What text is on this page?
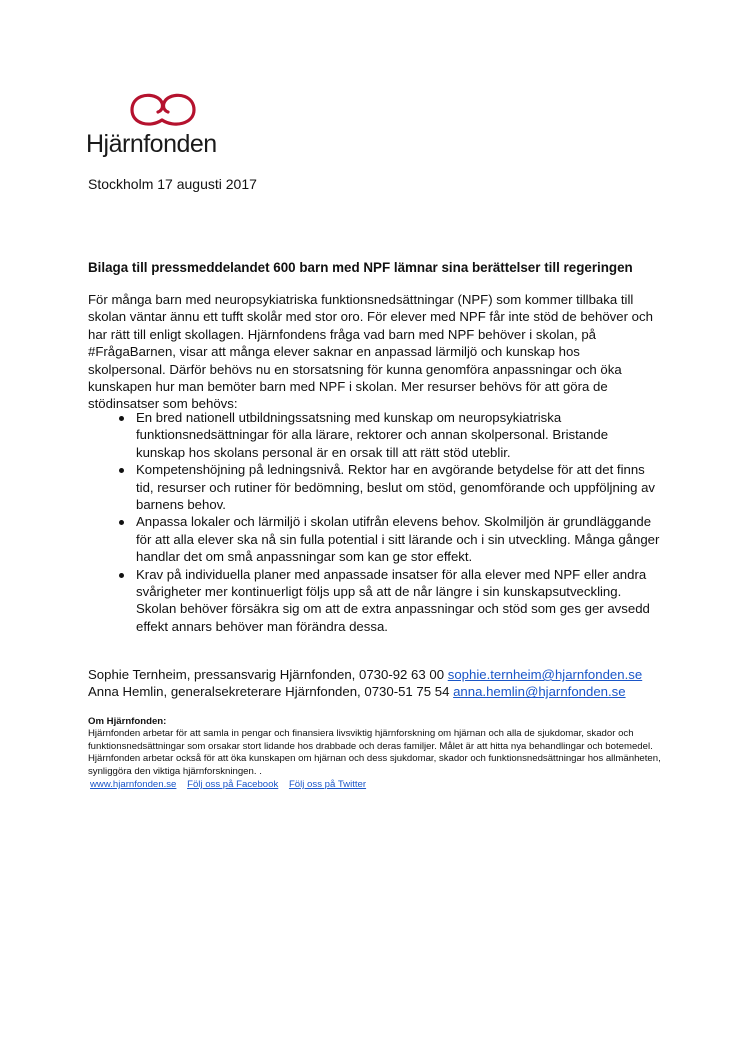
Hjärnfonden
Stockholm 17 augusti 2017
Bilaga till pressmeddelandet 600 barn med NPF lämnar sina berättelser till regeringen
För många barn med neuropsykiatriska funktionsnedsättningar (NPF) som kommer tillbaka till skolan väntar ännu ett tufft skolår med stor oro. För elever med NPF får inte stöd de behöver och har rätt till enligt skollagen. Hjärnfondens fråga vad barn med NPF behöver i skolan, på #FrågaBarnen, visar att många elever saknar en anpassad lärmiljö och kunskap hos skolpersonal. Därför behövs nu en storsatsning för kunna genomföra anpassningar och öka kunskapen hur man bemöter barn med NPF i skolan. Mer resurser behövs för att göra de stödinsatser som behövs:
En bred nationell utbildningssatsning med kunskap om neuropsykiatriska funktionsnedsättningar för alla lärare, rektorer och annan skolpersonal. Bristande kunskap hos skolans personal är en orsak till att rätt stöd uteblir.
Kompetenshöjning på ledningsnivå. Rektor har en avgörande betydelse för att det finns tid, resurser och rutiner för bedömning, beslut om stöd, genomförande och uppföljning av barnens behov.
Anpassa lokaler och lärmiljö i skolan utifrån elevens behov. Skolmiljön är grundläggande för att alla elever ska nå sin fulla potential i sitt lärande och i sin utveckling. Många gånger handlar det om små anpassningar som kan ge stor effekt.
Krav på individuella planer med anpassade insatser för alla elever med NPF eller andra svårigheter mer kontinuerligt följs upp så att de når längre i sin kunskapsutveckling. Skolan behöver försäkra sig om att de extra anpassningar och stöd som ges ger avsedd effekt annars behöver man förändra dessa.
Sophie Ternheim, pressansvarig Hjärnfonden, 0730-92 63 00 sophie.ternheim@hjarnfonden.se
Anna Hemlin, generalsekreterare Hjärnfonden, 0730-51 75 54 anna.hemlin@hjarnfonden.se
Om Hjärnfonden:
Hjärnfonden arbetar för att samla in pengar och finansiera livsviktig hjärnforskning om hjärnan och alla de sjukdomar, skador och funktionsnedsättningar som orsakar stort lidande hos drabbade och deras familjer. Målet är att hitta nya behandlingar och botemedel. Hjärnfonden arbetar också för att öka kunskapen om hjärnan och dess sjukdomar, skador och funktionsnedsättningar hos allmänheten, synliggöra den viktiga hjärnforskningen. .
www.hjarnfonden.se Följ oss på Facebook Följ oss på Twitter
